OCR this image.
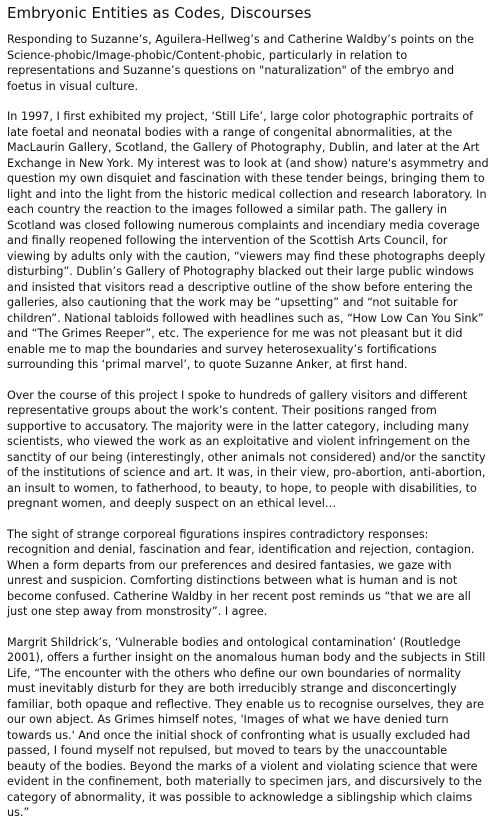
Embryonic Entities as Codes, Discourses

Responding to Suzanne’s, Aguilera-Hellweg’s and Catherine Waldby’s points on the Science-phobic/Image-phobic/Content-phobic, particularly in relation to representations and Suzanne’s questions on "naturalization" of the embryo and foetus in visual culture.

In 1997, I first exhibited my project, ‘Still Life’, large color photographic portraits of late foetal and neonatal bodies with a range of congenital abnormalities, at the MacLaurin Gallery, Scotland, the Gallery of Photography, Dublin, and later at the Art Exchange in New York. My interest was to look at (and show) nature's asymmetry and question my own disquiet and fascination with these tender beings, bringing them to light and into the light from the historic medical collection and research laboratory. In each country the reaction to the images followed a similar path. The gallery in Scotland was closed following numerous complaints and incendiary media coverage and finally reopened following the intervention of the Scottish Arts Council, for viewing by adults only with the caution, “viewers may find these photographs deeply disturbing”. Dublin’s Gallery of Photography blacked out their large public windows and insisted that visitors read a descriptive outline of the show before entering the galleries, also cautioning that the work may be “upsetting” and “not suitable for children”. National tabloids followed with headlines such as, “How Low Can You Sink” and “The Grimes Reeper”, etc. The experience for me was not pleasant but it did enable me to map the boundaries and survey heterosexuality’s fortifications surrounding this ‘primal marvel’, to quote Suzanne Anker, at first hand.

Over the course of this project I spoke to hundreds of gallery visitors and different representative groups about the work’s content. Their positions ranged from supportive to accusatory. The majority were in the latter category, including many scientists, who viewed the work as an exploitative and violent infringement on the sanctity of our being (interestingly, other animals not considered) and/or the sanctity of the institutions of science and art. It was, in their view, pro-abortion, anti-abortion, an insult to women, to fatherhood, to beauty, to hope, to people with disabilities, to pregnant women, and deeply suspect on an ethical level…

The sight of strange corporeal figurations inspires contradictory responses: recognition and denial, fascination and fear, identification and rejection, contagion. When a form departs from our preferences and desired fantasies, we gaze with unrest and suspicion. Comforting distinctions between what is human and is not become confused. Catherine Waldby in her recent post reminds us “that we are all just one step away from monstrosity”. I agree.

Margrit Shildrick’s, ‘Vulnerable bodies and ontological contamination’ (Routledge 2001), offers a further insight on the anomalous human body and the subjects in Still Life, “The encounter with the others who define our own boundaries of normality must inevitably disturb for they are both irreducibly strange and disconcertingly familiar, both opaque and reflective. They enable us to recognise ourselves, they are our own abject. As Grimes himself notes, 'Images of what we have denied turn towards us.' And once the initial shock of confronting what is usually excluded had passed, I found myself not repulsed, but moved to tears by the unaccountable beauty of the bodies. Beyond the marks of a violent and violating science that were evident in the confinement, both materially to specimen jars, and discursively to the category of abnormality, it was possible to acknowledge a siblingship which claims us.”
